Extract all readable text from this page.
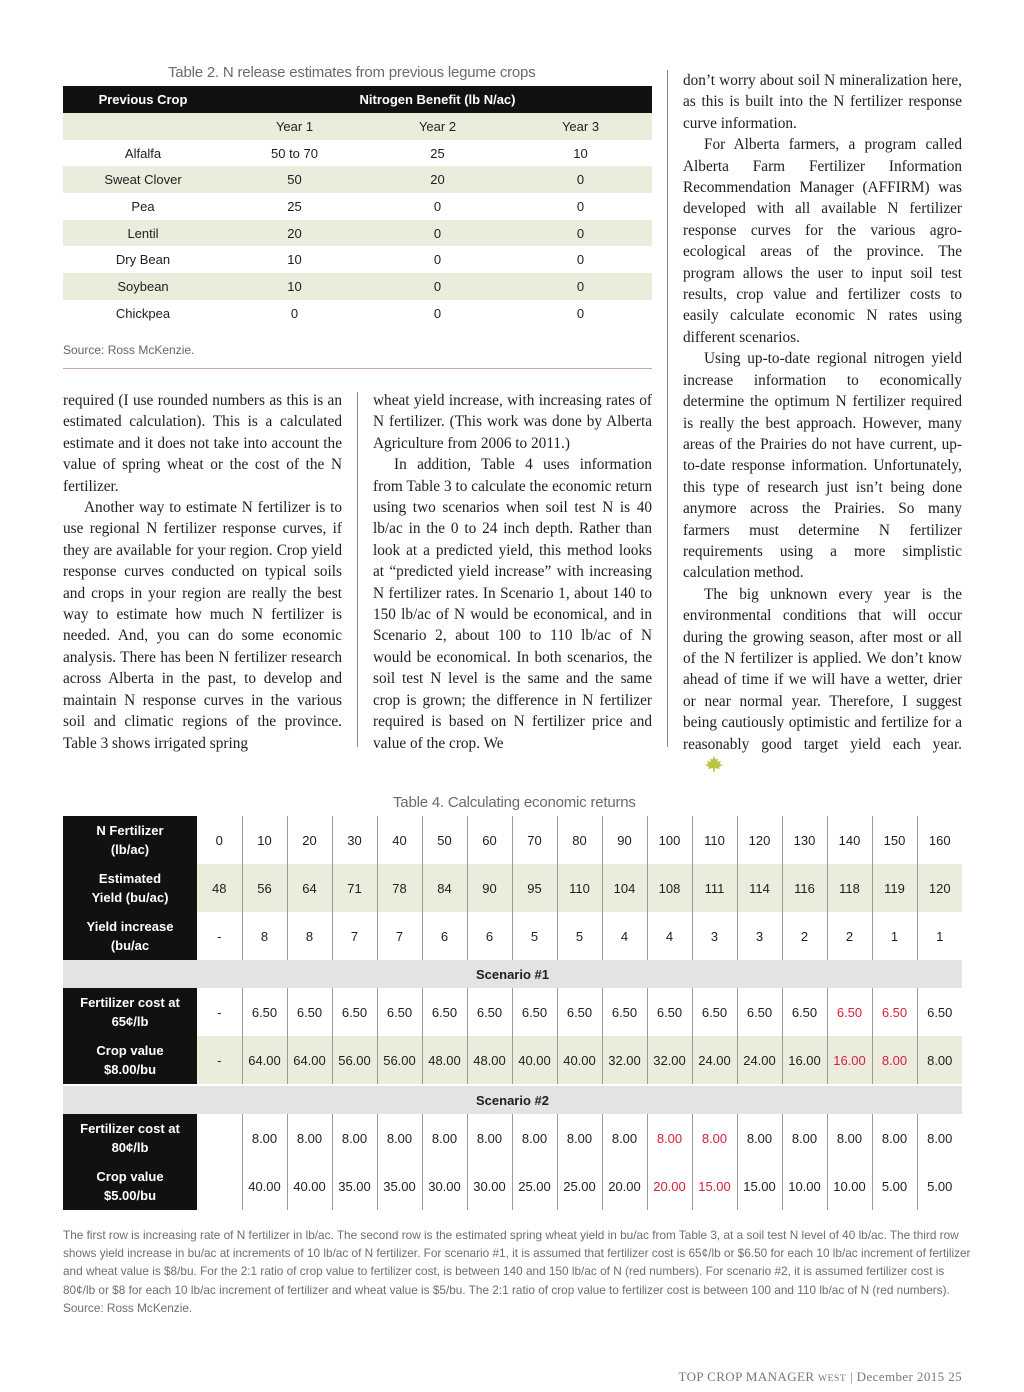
Table 2. N release estimates from previous legume crops
Previous Crop	Nitrogen Benefit (lb N/ac)		
	Year 1	Year 2	Year 3
Alfalfa	50 to 70	25	10
Sweat Clover	50	20	0
Pea	25	0	0
Lentil	20	0	0
Dry Bean	10	0	0
Soybean	10	0	0
Chickpea	0	0	0
Source: Ross McKenzie.

required (I use rounded numbers as this is an estimated calculation). This is a calculated estimate and it does not take into account the value of spring wheat or the cost of the N fertilizer.

Another way to estimate N fertilizer is to use regional N fertilizer response curves, if they are available for your region. Crop yield response curves conducted on typical soils and crops in your region are really the best way to estimate how much N fertilizer is needed. And, you can do some economic analysis. There has been N fertilizer research across Alberta in the past, to develop and maintain N response curves in the various soil and climatic regions of the province. Table 3 shows irrigated spring

wheat yield increase, with increasing rates of N fertilizer. (This work was done by Alberta Agriculture from 2006 to 2011.)

In addition, Table 4 uses information from Table 3 to calculate the economic return using two scenarios when soil test N is 40 lb/ac in the 0 to 24 inch depth. Rather than look at a predicted yield, this method looks at “predicted yield increase” with increasing N fertilizer rates. In Scenario 1, about 140 to 150 lb/ac of N would be economical, and in Scenario 2, about 100 to 110 lb/ac of N would be economical. In both scenarios, the soil test N level is the same and the same crop is grown; the difference in N fertilizer required is based on N fertilizer price and value of the crop. We

don’t worry about soil N mineralization here, as this is built into the N fertilizer response curve information.

For Alberta farmers, a program called Alberta Farm Fertilizer Information Recommendation Manager (AFFIRM) was developed with all available N fertilizer response curves for the various agro-ecological areas of the province. The program allows the user to input soil test results, crop value and fertilizer costs to easily calculate economic N rates using different scenarios.

Using up-to-date regional nitrogen yield increase information to economically determine the optimum N fertilizer required is really the best approach. However, many areas of the Prairies do not have current, up-to-date response information. Unfortunately, this type of research just isn’t being done anymore across the Prairies. So many farmers must determine N fertilizer requirements using a more simplistic calculation method.

The big unknown every year is the environmental conditions that will occur during the growing season, after most or all of the N fertilizer is applied. We don’t know ahead of time if we will have a wetter, drier or near normal year. Therefore, I suggest being cautiously optimistic and fertilize for a reasonably good target yield each year.

Table 4. Calculating economic returns
N Fertilizer
(lb/ac)	0	10	20	30	40	50	60	70	80	90	100	110	120	130	140	150	160

Estimated
Yield (bu/ac)	48	56	64	71	78	84	90	95	110	104	108	111	114	116	118	119	120

Yield increase
(bu/ac	-	8	8	7	7	6	6	5	5	4	4	3	3	2	2	1	1
Scenario #1																	

Fertilizer cost at
65¢/lb	-	6.50	6.50	6.50	6.50	6.50	6.50	6.50	6.50	6.50	6.50	6.50	6.50	6.50	6.50	6.50	6.50

Crop value
$8.00/bu	-	64.00	64.00	56.00	56.00	48.00	48.00	40.00	40.00	32.00	32.00	24.00	24.00	16.00	16.00	8.00	8.00

Scenario #2																	

Fertilizer cost at
80¢/lb		8.00	8.00	8.00	8.00	8.00	8.00	8.00	8.00	8.00	8.00	8.00	8.00	8.00	8.00	8.00	8.00

Crop value
$5.00/bu		40.00	40.00	35.00	35.00	30.00	30.00	25.00	25.00	20.00	20.00	15.00	15.00	10.00	10.00	5.00	5.00
The first row is increasing rate of N fertilizer in lb/ac. The second row is the estimated spring wheat yield in bu/ac from Table 3, at a soil test N level of 40 lb/ac. The third row shows yield increase in bu/ac at increments of 10 lb/ac of N fertilizer. For scenario #1, it is assumed that fertilizer cost is 65¢/lb or $6.50 for each 10 lb/ac increment of fertilizer and wheat value is $8/bu. For the 2:1 ratio of crop value to fertilizer cost, is between 140 and 150 lb/ac of N (red numbers). For scenario #2, it is assumed fertilizer cost is 80¢/lb or $8 for each 10 lb/ac increment of fertilizer and wheat value is $5/bu. The 2:1 ratio of crop value to fertilizer cost is between 100 and 110 lb/ac of N (red numbers).
Source: Ross McKenzie.
TOP CROP MANAGER WEST | December 2015 25
